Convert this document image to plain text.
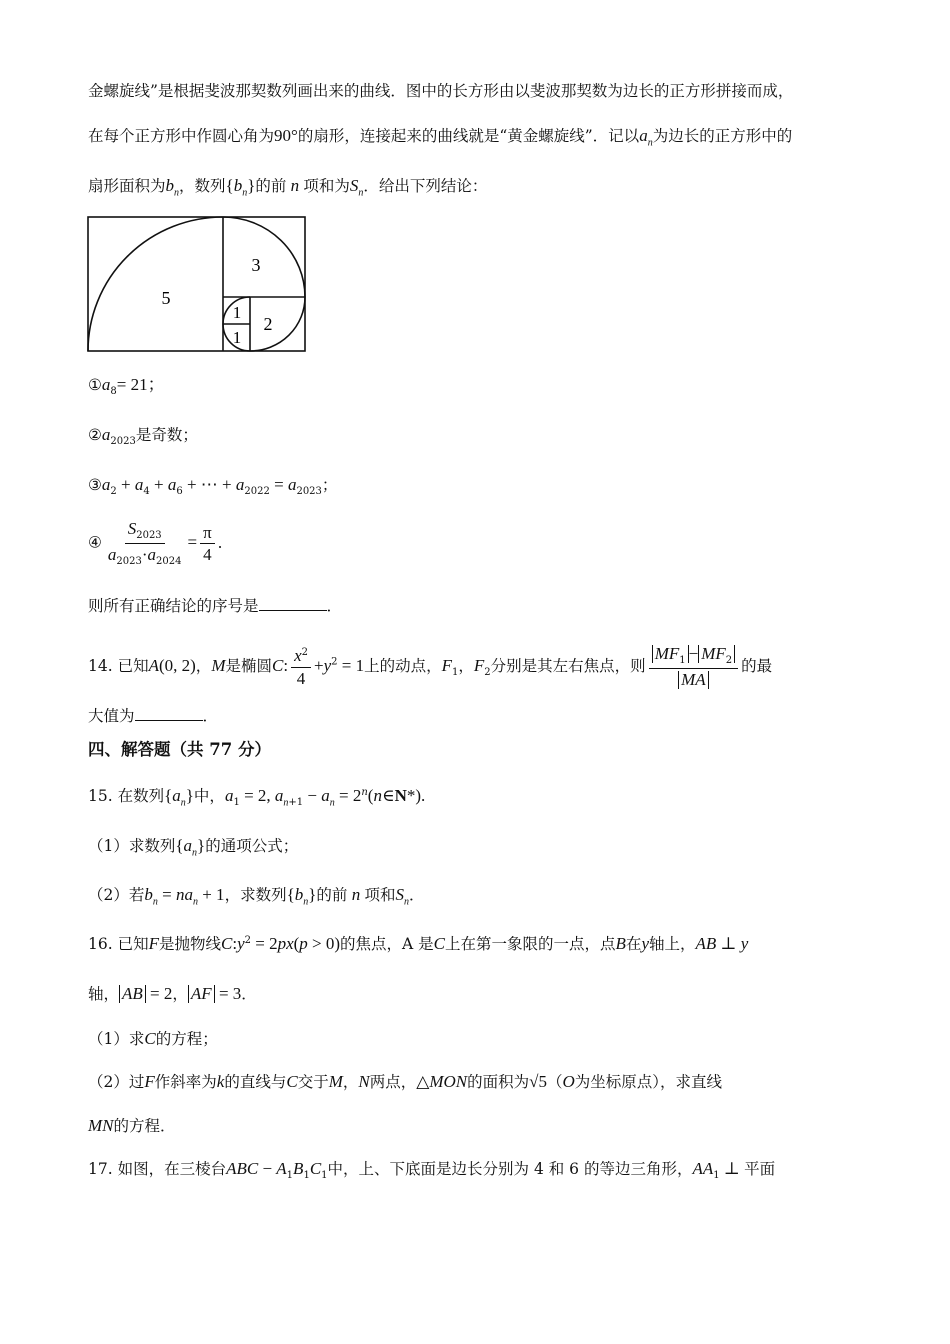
金螺旋线”是根据斐波那契数列画出来的曲线．图中的长方形由以斐波那契数为边长的正方形拼接而成，
在每个正方形中作圆心角为90°的扇形，连接起来的曲线就是“黄金螺旋线”．记以$a_n$为边长的正方形中的
扇形面积为$b_n$，数列$\{b_n\}$的前 n 项和为$S_n$．给出下列结论：
5
3
2
1
1
$①a_8= 21$；
$②a_{2023}$是奇数；
$③a_2 + a_4 + a_6$ + ⋯ + $a_{2022} = a_{2023}$；
④ $\frac{S_{2023}}{a_{2023}\cdot a_{2024}} = \frac{\pi}{4}$ ．
则所有正确结论的序号是	．
14. 已知A(0, 2)，M是椭圆C: $\frac{x^2}{4} +y^2 = 1$上的动点，$F_1$，$F_2$分别是其左右焦点，则 $\frac{MF_1 - MF_2}{MA}$ 的最
大值为	．
四、解答题（共 77 分）
15. 在数列$\{a_n\}$中，$a_1 = 2$, $a_{n+1} - a_n$ = $2^n(n\in N*)$.
（1）求数列$\{a_n\}$的通项公式；
（2）若$b_n = na_n + 1$，求数列$\{b_n\}$的前 n 项和$S_n$．
16. 已知F是抛物线$C:y^2 = 2px(p > 0)$的焦点，A 是C上在第一象限的一点，点B在y轴上，AB ⊥ y
轴， AB = 2， AF = 3．
（1）求C的方程；
（2）过F作斜率为k的直线与C交于M，N两点，△MON的面积为√5（O为坐标原点），求直线
MN的方程．
17. 如图，在三棱台ABC − $A_1B_1C_1$中，上、下底面是边长分别为 4 和 6 的等边三角形，$AA_1$ ⊥ 平面
